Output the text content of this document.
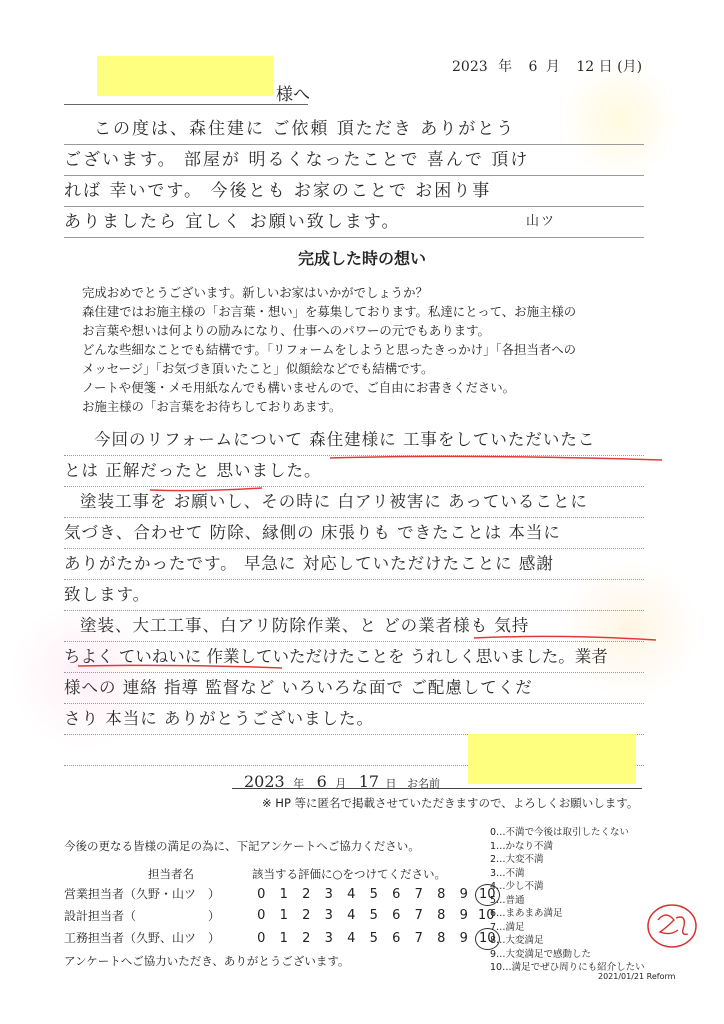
2023 年 6 月 12 日 (月)
様へ
この度は、森住建に ご依頼 頂ただき ありがとう
ございます。 部屋が 明るくなったことで 喜んで 頂け
れば 幸いです。 今後とも お家のことで お困り事
ありましたら 宜しく お願い致します。	山ツ
完成した時の想い
完成おめでとうございます。新しいお家はいかがでしょうか？
森住建ではお施主様の「お言葉・想い」を募集しております。私達にとって、お施主様の
お言葉や想いは何よりの励みになり、仕事へのパワーの元でもあります。
どんな些細なことでも結構です。「リフォームをしようと思ったきっかけ」「各担当者への
メッセージ」「お気づき頂いたこと」似顔絵などでも結構です。
ノートや便箋・メモ用紙なんでも構いませんので、ご自由にお書きください。
お施主様の「お言葉をお待ちしておりあます。
今回のリフォームについて 森住建様に 工事をしていただいたこ
とは 正解だったと 思いました。
塗装工事を お願いし、その時に 白アリ被害に あっていることに
気づき、合わせて 防除、縁側の 床張りも できたことは 本当に
ありがたかったです。 早急に 対応していただけたことに 感謝
致します。
塗装、大工工事、白アリ防除作業、と どの業者様も 気持
ちよく ていねいに 作業していただけたことを うれしく思いました。業者
様への 連絡 指導 監督など いろいろな面で ご配慮してくだ
さり 本当に ありがとうございました。
2023 年 6 月 17 日 お名前
※ HP 等に匿名で掲載させていただきますので、よろしくお願いします。
今後の更なる皆様の満足の為に、下記アンケートへご協力ください。
担当者名	該当する評価に○をつけてください。
営業担当者（久野・山ツ ）	0 1 2 3 4 5 6 7 8 9 10
設計担当者（	）	0 1 2 3 4 5 6 7 8 9 10
工務担当者（久野、山ツ ）	0 1 2 3 4 5 6 7 8 9 10
アンケートへご協力いただき、ありがとうございます。
0…不満で今後は取引したくない
1…かなり不満
2…大変不満
3…不満
4…少し不満
5…普通
6…まあまあ満足
7…満足
8…大変満足
9…大変満足で感動した
10…満足でぜひ周りにも紹介したい
2021/01/21 Reform
